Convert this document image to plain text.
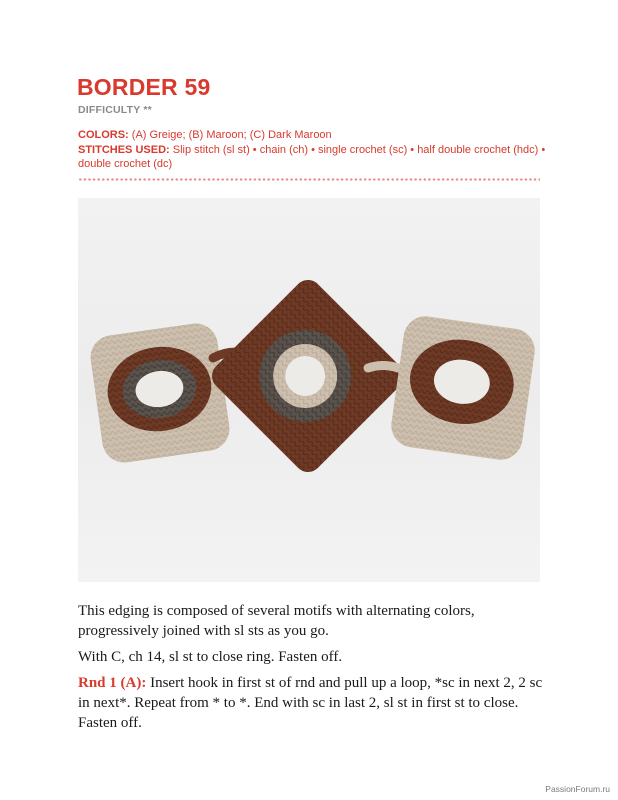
BORDER 59
DIFFICULTY **
COLORS: (A) Greige; (B) Maroon; (C) Dark Maroon
STITCHES USED: Slip stitch (sl st) • chain (ch) • single crochet (sc) • half double crochet (hdc) • double crochet (dc)
This edging is composed of several motifs with alternating colors, progressively joined with sl sts as you go.
With C, ch 14, sl st to close ring. Fasten off.
Rnd 1 (A): Insert hook in first st of rnd and pull up a loop, *sc in next 2, 2 sc in next*. Repeat from * to *. End with sc in last 2, sl st in first st to close. Fasten off.
PassionForum.ru
